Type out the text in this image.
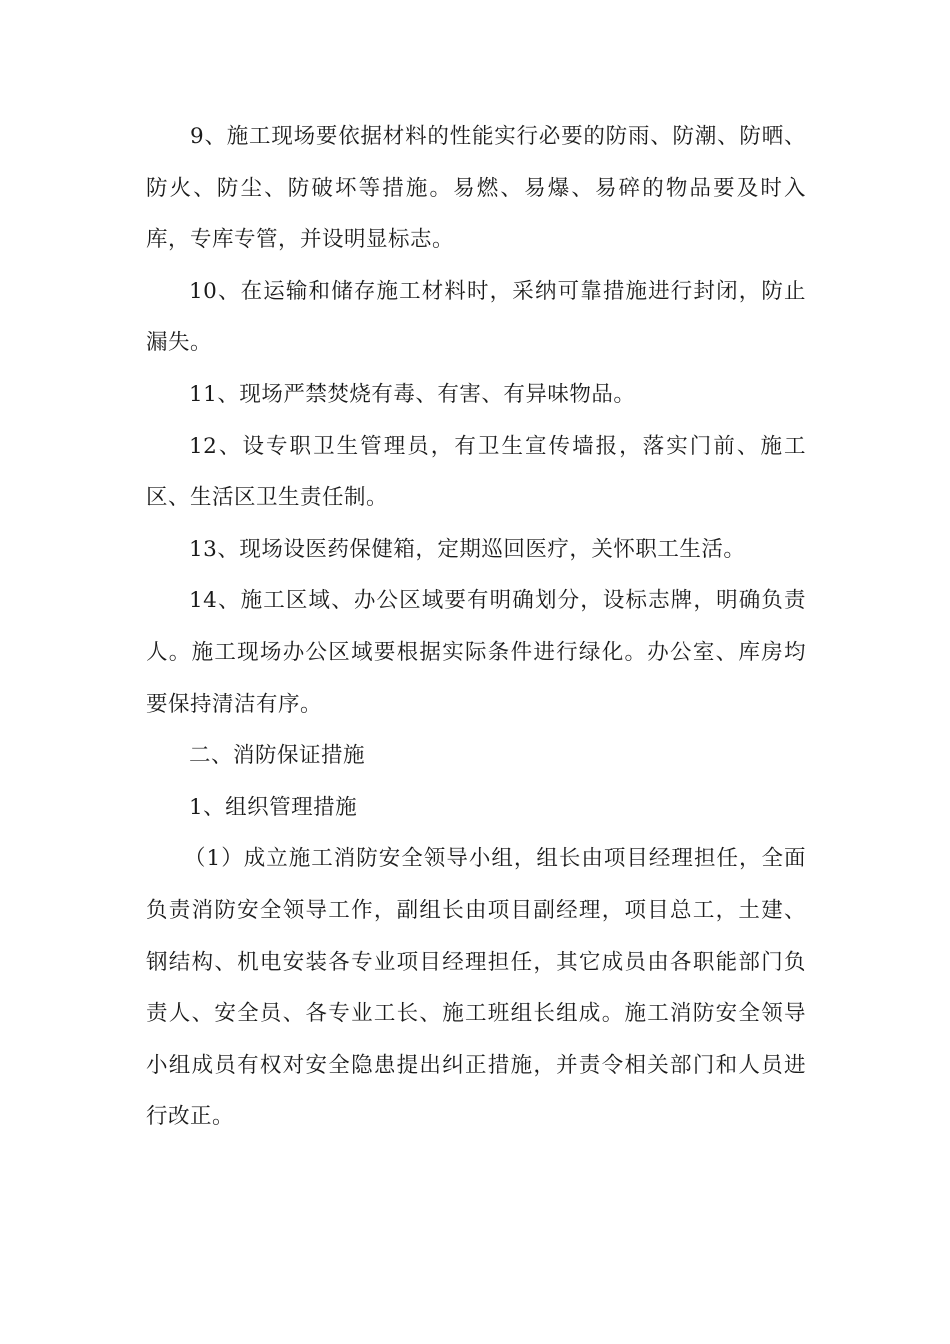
9、施工现场要依据材料的性能实行必要的防雨、防潮、防晒、防火、防尘、防破坏等措施。易燃、易爆、易碎的物品要及时入库，专库专管，并设明显标志。

10、在运输和储存施工材料时，采纳可靠措施进行封闭，防止漏失。

11、现场严禁焚烧有毒、有害、有异味物品。

12、设专职卫生管理员，有卫生宣传墙报，落实门前、施工区、生活区卫生责任制。

13、现场设医药保健箱，定期巡回医疗，关怀职工生活。

14、施工区域、办公区域要有明确划分，设标志牌，明确负责人。施工现场办公区域要根据实际条件进行绿化。办公室、库房均要保持清洁有序。

二、消防保证措施

1、组织管理措施

（1）成立施工消防安全领导小组，组长由项目经理担任，全面负责消防安全领导工作，副组长由项目副经理，项目总工，土建、钢结构、机电安装各专业项目经理担任，其它成员由各职能部门负责人、安全员、各专业工长、施工班组长组成。施工消防安全领导小组成员有权对安全隐患提出纠正措施，并责令相关部门和人员进行改正。
